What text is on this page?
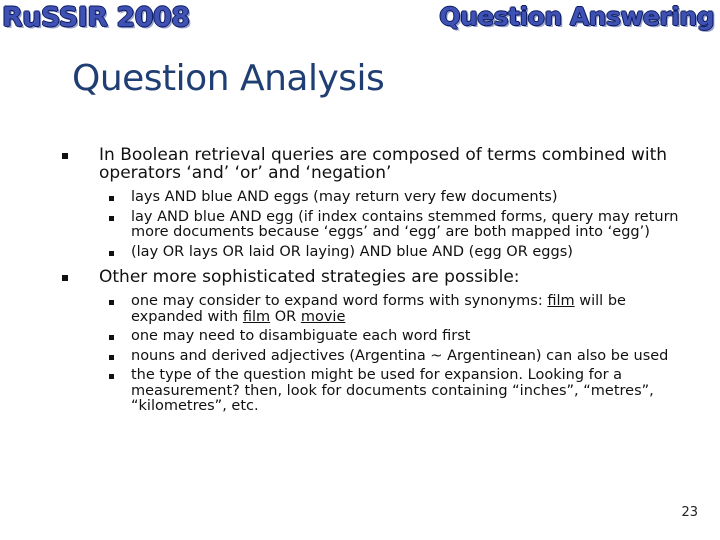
RuSSIR 2008	Question Answering
Question Analysis
In Boolean retrieval queries are composed of terms combined with operators ‘and’ ‘or’ and ‘negation’
lays AND blue AND eggs (may return very few documents)
lay AND blue AND egg (if index contains stemmed forms, query may return more documents because ‘eggs’ and ‘egg’ are both mapped into ‘egg’)
(lay OR lays OR laid OR laying) AND blue AND (egg OR eggs)
Other more sophisticated strategies are possible:
one may consider to expand word forms with synonyms: film will be expanded with film OR movie
one may need to disambiguate each word first
nouns and derived adjectives (Argentina ~ Argentinean) can also be used
the type of the question might be used for expansion. Looking for a measurement? then, look for documents containing “inches”, “metres”, “kilometres”, etc.
23
